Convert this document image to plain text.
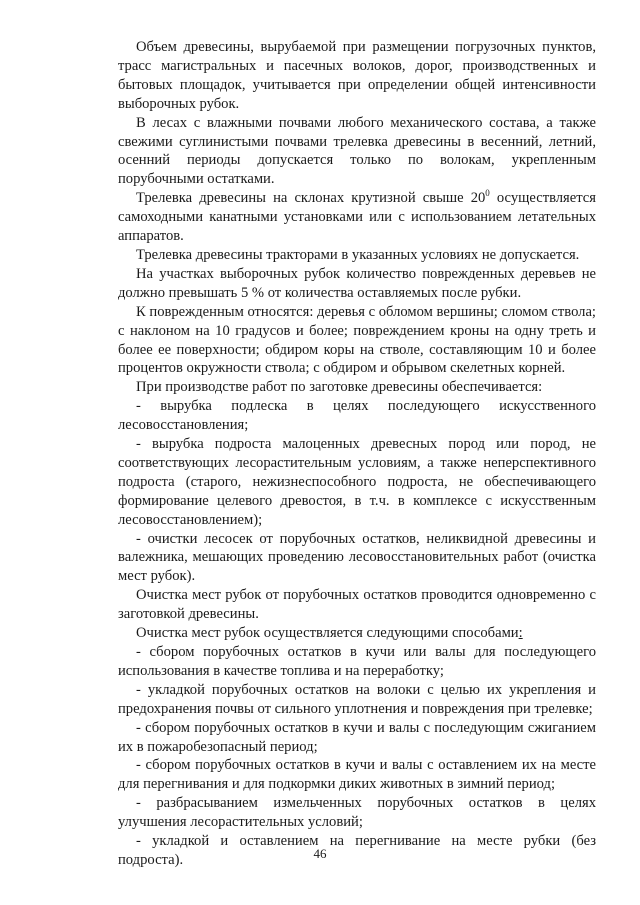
Объем древесины, вырубаемой при размещении погрузочных пунктов, трасс магистральных и пасечных волоков, дорог, производственных и бытовых площадок, учитывается при определении общей интенсивности выборочных рубок.

В лесах с влажными почвами любого механического состава, а также свежими суглинистыми почвами трелевка древесины в весенний, летний, осенний периоды допускается только по волокам, укрепленным порубочными остатками.

Трелевка древесины на склонах крутизной свыше $20^0$ осуществляется самоходными канатными установками или с использованием летательных аппаратов.

Трелевка древесины тракторами в указанных условиях не допускается.

На участках выборочных рубок количество поврежденных деревьев не должно превышать 5 % от количества оставляемых после рубки.

К поврежденным относятся: деревья с обломом вершины; сломом ствола; с наклоном на 10 градусов и более; повреждением кроны на одну треть и более ее поверхности; обдиром коры на стволе, составляющим 10 и более процентов окружности ствола; с обдиром и обрывом скелетных корней.

При производстве работ по заготовке древесины обеспечивается:

- вырубка подлеска в целях последующего искусственного лесовосстановления;

- вырубка подроста малоценных древесных пород или пород, не соответствующих лесорастительным условиям, а также неперспективного подроста (старого, нежизнеспособного подроста, не обеспечивающего формирование целевого древостоя, в т.ч. в комплексе с искусственным лесовосстановлением);

- очистки лесосек от порубочных остатков, неликвидной древесины и валежника, мешающих проведению лесовосстановительных работ (очистка мест рубок).

Очистка мест рубок от порубочных остатков проводится одновременно с заготовкой древесины.

Очистка мест рубок осуществляется следующими способами:

- сбором порубочных остатков в кучи или валы для последующего использования в качестве топлива и на переработку;

- укладкой порубочных остатков на волоки с целью их укрепления и предохранения почвы от сильного уплотнения и повреждения при трелевке;

- сбором порубочных остатков в кучи и валы с последующим сжиганием их в пожаробезопасный период;

- сбором порубочных остатков в кучи и валы с оставлением их на месте для перегнивания и для подкормки диких животных в зимний период;

- разбрасыванием измельченных порубочных остатков в целях улучшения лесорастительных условий;

- укладкой и оставлением на перегнивание на месте рубки (без подроста).	46
